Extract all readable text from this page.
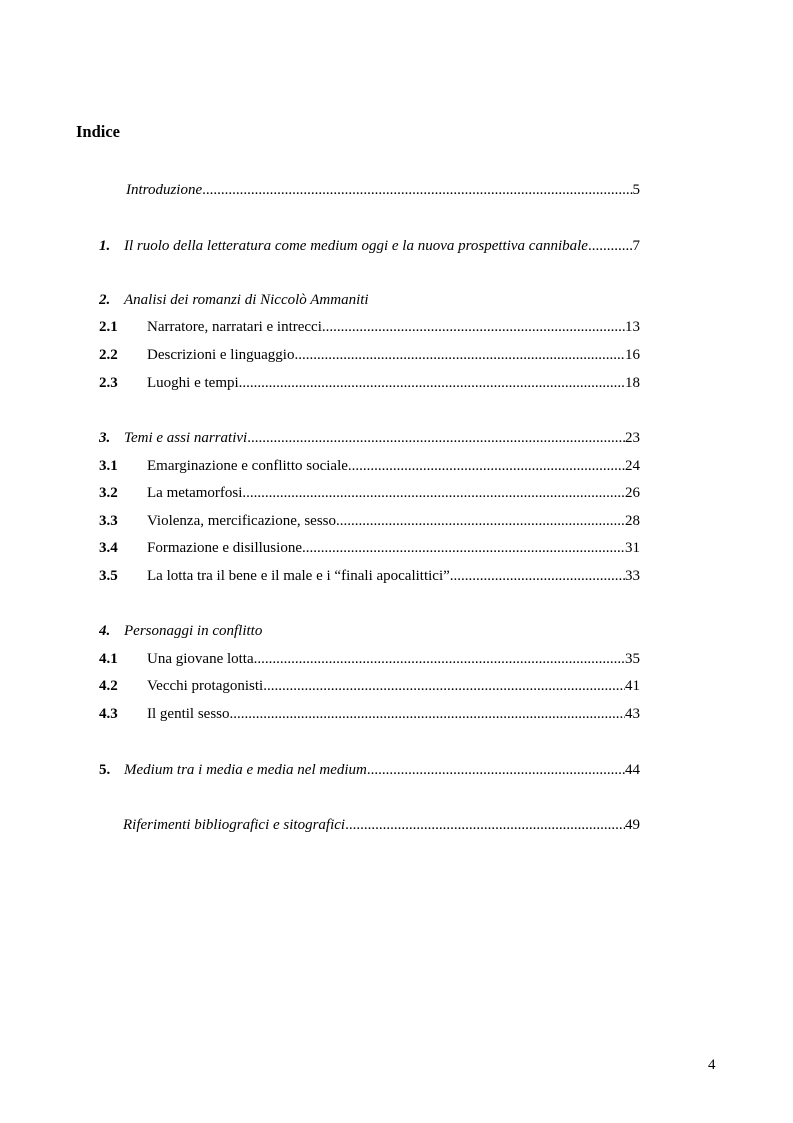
Indice
Introduzione .....	5
1. Il ruolo della letteratura come medium oggi e la nuova prospettiva cannibale .....	7
2. Analisi dei romanzi di Niccolò Ammaniti
2.1	Narratore, narratari e intrecci .....	13
2.2	Descrizioni e linguaggio .....	16
2.3	Luoghi e tempi .....	18
3. Temi e assi narrativi .....	23
3.1	Emarginazione e conflitto sociale .....	24
3.2	La metamorfosi .....	26
3.3	Violenza, mercificazione, sesso .....	28
3.4	Formazione e disillusione .....	31
3.5	La lotta tra il bene e il male e i “finali apocalittici” .....	33
4. Personaggi in conflitto
4.1	Una giovane lotta .....	35
4.2	Vecchi protagonisti .....	41
4.3	Il gentil sesso .....	43
5. Medium tra i media e media nel medium .....	44
Riferimenti bibliografici e sitografici .....	49
4
